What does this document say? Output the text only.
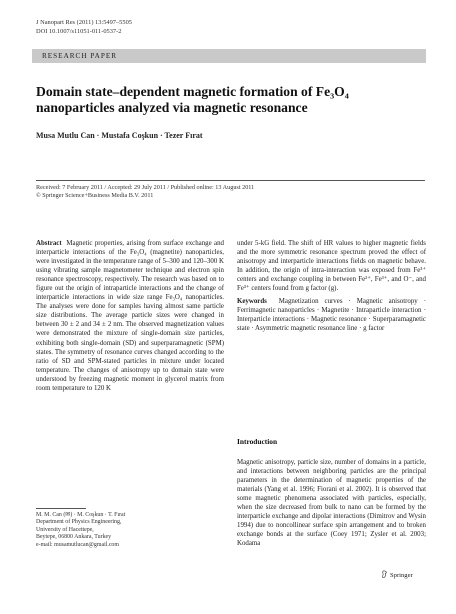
J Nanopart Res (2011) 13:5497–5505
DOI 10.1007/s11051-011-0537-2
RESEARCH PAPER
Domain state–dependent magnetic formation of Fe₃O₄
nanoparticles analyzed via magnetic resonance
Musa Mutlu Can · Mustafa Coşkun · Tezer Fırat
Received: 7 February 2011 / Accepted: 29 July 2011 / Published online: 13 August 2011
© Springer Science+Business Media B.V. 2011
Abstract Magnetic properties, arising from surface exchange and interparticle interactions of the Fe₃O₄ (magnetite) nanoparticles, were investigated in the temperature range of 5–300 and 120–300 K using vibrating sample magnetometer technique and electron spin resonance spectroscopy, respectively. The research was based on to figure out the origin of intraparticle interactions and the change of interparticle interactions in wide size range Fe₃O₄ nanoparticles. The analyses were done for samples having almost same particle size distributions. The average particle sizes were changed in between 30 ± 2 and 34 ± 2 nm. The observed magnetization values were demonstrated the mixture of single-domain size particles, exhibiting both single-domain (SD) and superparamagnetic (SPM) states. The symmetry of resonance curves changed according to the ratio of SD and SPM-stated particles in mixture under located temperature. The changes of anisotropy up to domain state were understood by freezing magnetic moment in glycerol matrix from room temperature to 120 K
under 5-kG field. The shift of HR values to higher magnetic fields and the more symmetric resonance spectrum proved the effect of anisotropy and interparticle interactions fields on magnetic behave. In addition, the origin of intra-interaction was exposed from Fe³⁺ centers and exchange coupling in between Fe²⁺, Fe³⁺, and O⁻, and Fe³⁺ centers found from g factor (g).
Keywords Magnetization curves · Magnetic anisotropy · Ferrimagnetic nanoparticles · Magnetite · Intraparticle interaction · Interparticle interactions · Magnetic resonance · Superparamagnetic state · Asymmetric magnetic resonance line · g factor
Introduction
Magnetic anisotropy, particle size, number of domains in a particle, and interactions between neighboring particles are the principal parameters in the determination of magnetic properties of the materials (Yang et al. 1996; Fiorani et al. 2002). It is observed that some magnetic phenomena associated with particles, especially, when the size decreased from bulk to nano can be formed by the interparticle exchange and dipolar interactions (Dimitrov and Wysin 1994) due to noncollinear surface spin arrangement and to broken exchange bonds at the surface (Coey 1971; Zysler et al. 2003; Kodama
M. M. Can (✉) · M. Coşkun · T. Fırat
Department of Physics Engineering,
University of Hacettepe,
Beytepe, 06800 Ankara, Turkey
e-mail: musamutlucan@gmail.com
Springer
